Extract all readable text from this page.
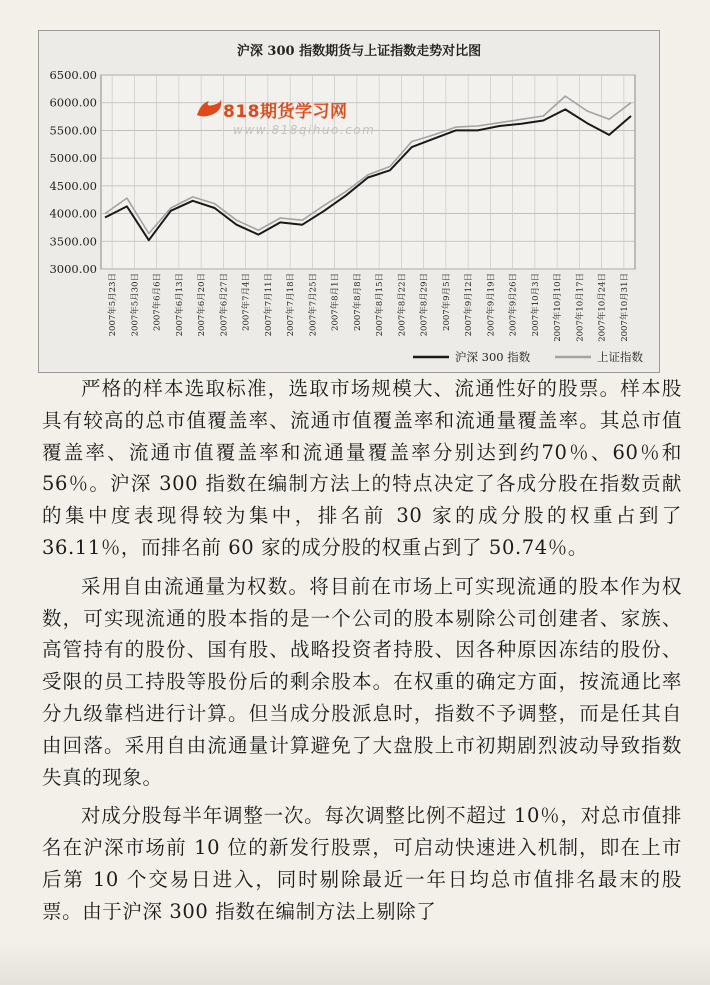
沪深 300 指数期货与上证指数走势对比图
6500.00
6000.00
5500.00
5000.00
4500.00
4000.00
3500.00
3000.00
2007年5月23日 2007年5月30日 2007年6月6日 2007年6月13日 2007年6月20日 2007年6月27日 2007年7月4日 2007年7月11日 2007年7月18日 2007年7月25日 2007年8月1日 2007年8月8日 2007年8月15日 2007年8月22日 2007年8月29日 2007年9月5日 2007年9月12日 2007年9月19日 2007年9月26日 2007年10月3日 2007年10月10日 2007年10月17日 2007年10月24日 2007年10月31日
沪深 300 指数	上证指数
818期货学习网
www.818qihuo.com

严格的样本选取标准，选取市场规模大、流通性好的股票。样本股具有较高的总市值覆盖率、流通市值覆盖率和流通量覆盖率。其总市值覆盖率、流通市值覆盖率和流通量覆盖率分别达到约70％、60％和56％。沪深 300 指数在编制方法上的特点决定了各成分股在指数贡献的集中度表现得较为集中，排名前 30 家的成分股的权重占到了 36.11％，而排名前 60 家的成分股的权重占到了 50.74％。

采用自由流通量为权数。将目前在市场上可实现流通的股本作为权数，可实现流通的股本指的是一个公司的股本剔除公司创建者、家族、高管持有的股份、国有股、战略投资者持股、因各种原因冻结的股份、受限的员工持股等股份后的剩余股本。在权重的确定方面，按流通比率分九级靠档进行计算。但当成分股派息时，指数不予调整，而是任其自由回落。采用自由流通量计算避免了大盘股上市初期剧烈波动导致指数失真的现象。

对成分股每半年调整一次。每次调整比例不超过 10％，对总市值排名在沪深市场前 10 位的新发行股票，可启动快速进入机制，即在上市后第 10 个交易日进入，同时剔除最近一年日均总市值排名最末的股票。由于沪深 300 指数在编制方法上剔除了
